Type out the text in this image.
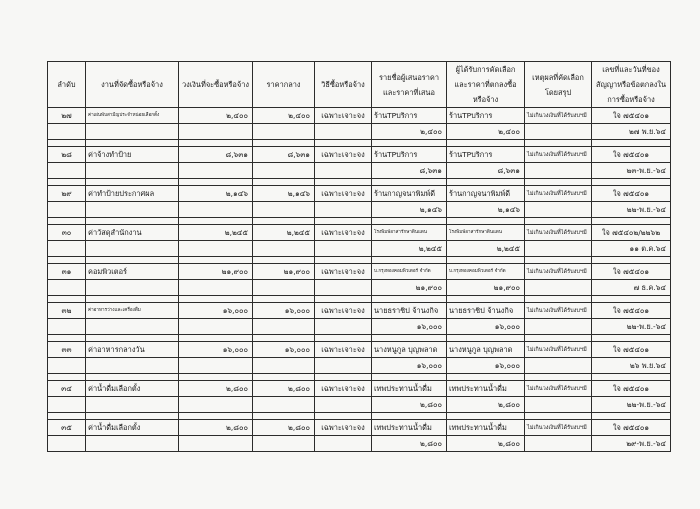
ลำดับ	งานที่จัดซื้อหรือจ้าง	วงเงินที่จะซื้อหรือจ้าง	ราคากลาง	วิธีซื้อหรือจ้าง	รายชื่อผู้เสนอราคาและราคาที่เสนอ	ผู้ได้รับการคัดเลือกและราคาที่ตกลงซื้อหรือจ้าง	เหตุผลที่คัดเลือกโดยสรุป	เลขที่และวันที่ของสัญญาหรือข้อตกลงในการซื้อหรือจ้าง
๒๗	ค่าเผ่นพับสามีญประจำหน่อยเลือกตั้ง	๒,๔๐๐	๒,๔๐๐	เฉพาะเจาะจง	ร้านTPบริการ	ร้านTPบริการ	ไม่เกินวงเงินที่ได้รับงบฯมี	ใจ ๗๕๔๐๑
					๒,๔๐๐	๒,๔๐๐		๒๗ พ.ย.๖๔

๒๘	ค่าจ้างทำป้าย	๘,๖๓๑	๘,๖๓๑	เฉพาะเจาะจง	ร้านTPบริการ	ร้านTPบริการ	ไม่เกินวงเงินที่ได้รับงบฯมี	ใจ ๗๕๔๐๑
					๘,๖๓๑	๘,๖๓๑		๒๓-พ.ย.-๖๔

๒๙	ค่าทำป้ายประกาศผล	๒,๑๔๖	๒,๑๔๖	เฉพาะเจาะจง	ร้านกาญจนาพิมพ์ดี	ร้านกาญจนาพิมพ์ดี	ไม่เกินวงเงินที่ได้รับงบฯมี	ใจ ๗๕๔๐๑
					๒,๑๔๖	๒,๑๔๖		๒๒-พ.ย.-๖๔

๓๐	ค่าวัสดุสำนักงาน	๒,๒๔๕	๒,๒๔๕	เฉพาะเจาะจง	โรงพิมพ์อาสารักษาดินแดน	โรงพิมพ์อาสารักษาดินแดน	ไม่เกินวงเงินที่ได้รับงบฯมี	ใจ ๗๕๔๐๒/๒๒๖๒
					๒,๒๔๕	๒,๒๔๕		๑๑ ต.ค.๖๔

๓๑	คอมพิวเตอร์	๒๑,๙๐๐	๒๑,๙๐๐	เฉพาะเจาะจง	บ.กรุงทองคอมพิวเตอร์ จำกัด	บ.กรุงทองคอมพิวเตอร์ จำกัด	ไม่เกินวงเงินที่ได้รับงบฯมี	ใจ ๗๕๔๐๑
					๒๑,๙๐๐	๒๑,๙๐๐		๗ ธ.ค.๖๔

๓๒	ค่าอาหารว่างและเครื่องดื่ม	๑๖,๐๐๐	๑๖,๐๐๐	เฉพาะเจาะจง	นายธราชิป จ้านงกิจ	นายธราชิป จ้านงกิจ	ไม่เกินวงเงินที่ได้รับงบฯมี	ใจ ๗๕๔๐๑
					๑๖,๐๐๐	๑๖,๐๐๐		๒๒-พ.ย.-๖๔

๓๓	ค่าอาหารกลางวัน	๑๖,๐๐๐	๑๖,๐๐๐	เฉพาะเจาะจง	นางหนูกูล บุญพลาด	นางหนูกูล บุญพลาด	ไม่เกินวงเงินที่ได้รับงบฯมี	ใจ ๗๕๔๐๑
					๑๖,๐๐๐	๑๖,๐๐๐		๒๖ พ.ย.๖๔

๓๔	ค่าน้ำดื่มเลือกตั้ง	๒,๘๐๐	๒,๘๐๐	เฉพาะเจาะจง	เทพประทานน้ำดื่ม	เทพประทานน้ำดื่ม	ไม่เกินวงเงินที่ได้รับงบฯมี	ใจ ๗๕๔๐๑
					๒,๘๐๐	๒,๘๐๐		๒๒-พ.ย.-๖๔

๓๕	ค่าน้ำดื่มเลือกตั้ง	๒,๘๐๐	๒,๘๐๐	เฉพาะเจาะจง	เทพประทานน้ำดื่ม	เทพประทานน้ำดื่ม	ไม่เกินวงเงินที่ได้รับงบฯมี	ใจ ๗๕๔๐๑
					๒,๘๐๐	๒,๘๐๐		๒๙-พ.ย.-๖๔
